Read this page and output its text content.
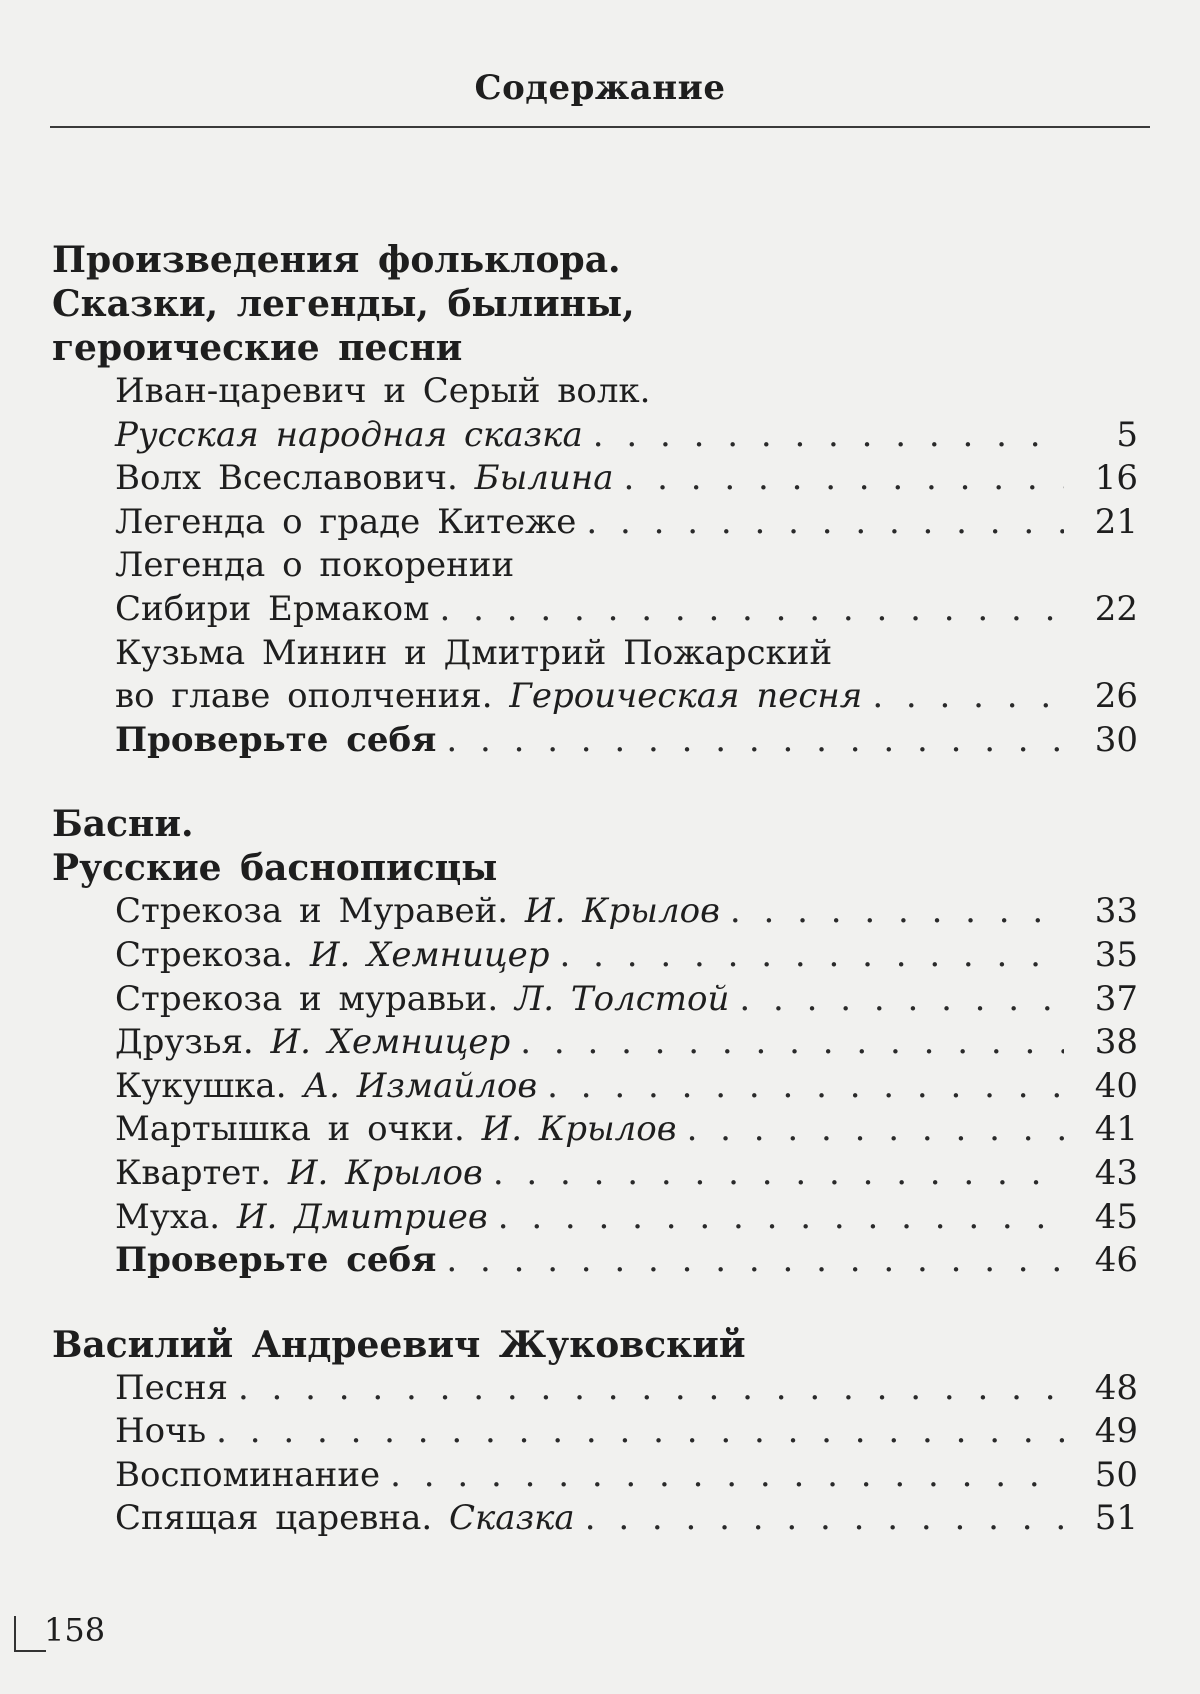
Содержание
Произведения фольклора.
Сказки, легенды, былины,
героические песни
Иван-царевич и Серый волк.
Русская народная сказка . . .	5
Волх Всеславович. Былина . . .	16
Легенда о граде Китеже . . .	21
Легенда о покорении
Сибири Ермаком . . .	22
Кузьма Минин и Дмитрий Пожарский
во главе ополчения. Героическая песня . . .	26
Проверьте себя . . .	30
Басни.
Русские баснописцы
Стрекоза и Муравей. И. Крылов . . .	33
Стрекоза. И. Хемницер . . .	35
Стрекоза и муравьи. Л. Толстой . . .	37
Друзья. И. Хемницер . . .	38
Кукушка. А. Измайлов . . .	40
Мартышка и очки. И. Крылов . . .	41
Квартет. И. Крылов . . .	43
Муха. И. Дмитриев . . .	45
Проверьте себя . . .	46
Василий Андреевич Жуковский
Песня . . .	48
Ночь . . .	49
Воспоминание . . .	50
Спящая царевна. Сказка . . .	51
158
